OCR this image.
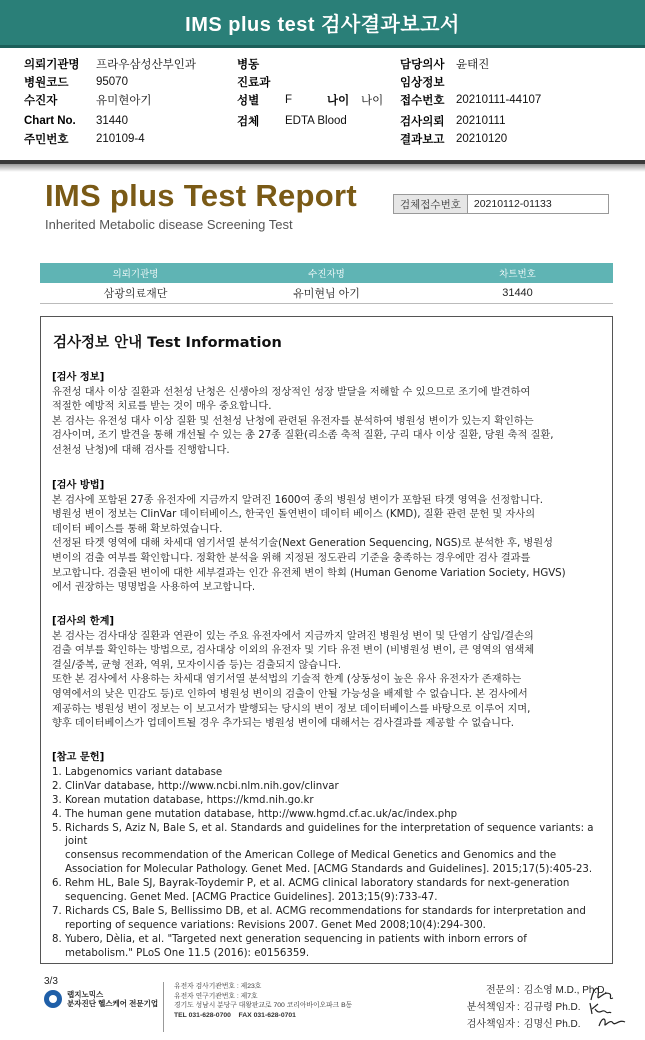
IMS plus test 검사결과보고서
의뢰기관명	프라우삼성산부인과
병원코드	95070
수진자	유미현아기
Chart No.	31440
주민번호	210109-4
병동
진료과
성별	F	나이	나이
검체	EDTA Blood
담당의사	윤태진
임상정보
접수번호	20210111-44107
검사의뢰	20210111
결과보고	20210120
IMS plus Test Report
Inherited Metabolic disease Screening Test
검체접수번호	20210112-01133
의뢰기관명	수진자명	차트번호
삼광의료재단	유미현님 아기	31440
검사정보 안내 Test Information
[검사 정보]

유전성 대사 이상 질환과 선천성 난청은 신생아의 정상적인 성장 발달을 저해할 수 있으므로 조기에 발견하여

적절한 예방적 치료를 받는 것이 매우 중요합니다.

본 검사는 유전성 대사 이상 질환 및 선천성 난청에 관련된 유전자를 분석하여 병원성 변이가 있는지 확인하는

검사이며, 조기 발견을 통해 개선될 수 있는 총 27종 질환(리소좀 축적 질환, 구리 대사 이상 질환, 당원 축적 질환,

선천성 난청)에 대해 검사를 진행합니다.

[검사 방법]

본 검사에 포함된 27종 유전자에 지금까지 알려진 1600여 종의 병원성 변이가 포함된 타겟 영역을 선정합니다.

병원성 변이 정보는 ClinVar 데이터베이스, 한국인 돌연변이 데이터 베이스 (KMD), 질환 관련 문헌 및 자사의

데이터 베이스를 통해 확보하였습니다.

선정된 타겟 영역에 대해 차세대 염기서열 분석기술(Next Generation Sequencing, NGS)로 분석한 후, 병원성

변이의 검출 여부를 확인합니다. 정확한 분석을 위해 지정된 정도관리 기준을 충족하는 경우에만 검사 결과를

보고합니다. 검출된 변이에 대한 세부결과는 인간 유전체 변이 학회 (Human Genome Variation Society, HGVS)

에서 권장하는 명명법을 사용하여 보고합니다.

[검사의 한계]

본 검사는 검사대상 질환과 연관이 있는 주요 유전자에서 지금까지 알려진 병원성 변이 및 단염기 삽입/결손의

검출 여부를 확인하는 방법으로, 검사대상 이외의 유전자 및 기타 유전 변이 (비병원성 변이, 큰 영역의 염색체

결실/중복, 균형 전좌, 역위, 모자이시즘 등)는 검출되지 않습니다.

또한 본 검사에서 사용하는 차세대 염기서열 분석법의 기술적 한계 (상동성이 높은 유사 유전자가 존재하는

영역에서의 낮은 민감도 등)로 인하여 병원성 변이의 검출이 안될 가능성을 배제할 수 없습니다. 본 검사에서

제공하는 병원성 변이 정보는 이 보고서가 발행되는 당시의 변이 정보 데이터베이스를 바탕으로 이루어 지며,

향후 데이터베이스가 업데이트될 경우 추가되는 병원성 변이에 대해서는 검사결과를 제공할 수 없습니다.

[참고 문헌]
1. Labgenomics variant database
2. ClinVar database, http://www.ncbi.nlm.nih.gov/clinvar
3. Korean mutation database, https://kmd.nih.go.kr
4. The human gene mutation database, http://www.hgmd.cf.ac.uk/ac/index.php
5. Richards S, Aziz N, Bale S, et al. Standards and guidelines for the interpretation of sequence variants: a joint
consensus recommendation of the American College of Medical Genetics and Genomics and the
Association for Molecular Pathology. Genet Med. [ACMG Standards and Guidelines]. 2015;17(5):405-23.
6. Rehm HL, Bale SJ, Bayrak-Toydemir P, et al. ACMG clinical laboratory standards for next-generation
sequencing. Genet Med. [ACMG Practice Guidelines]. 2013;15(9):733-47.
7. Richards CS, Bale S, Bellissimo DB, et al. ACMG recommendations for standards for interpretation and
reporting of sequence variations: Revisions 2007. Genet Med 2008;10(4):294-300.
8. Yubero, Dèlia, et al. "Targeted next generation sequencing in patients with inborn errors of
metabolism." PLoS One 11.5 (2016): e0156359.
3/3
랩지노믹스
분자진단 헬스케어 전문기업
유전자 검사기관번호 : 제23호
유전자 연구기관번호 : 제7호
경기도 성남시 분당구 대왕판교로 700 코리아바이오파크 B동
TEL 031-628-0700 FAX 031-628-0701
전문의 : 김소영 M.D., Ph.D.
분석책임자 : 김규령 Ph.D.
검사책임자 : 김명신 Ph.D.
